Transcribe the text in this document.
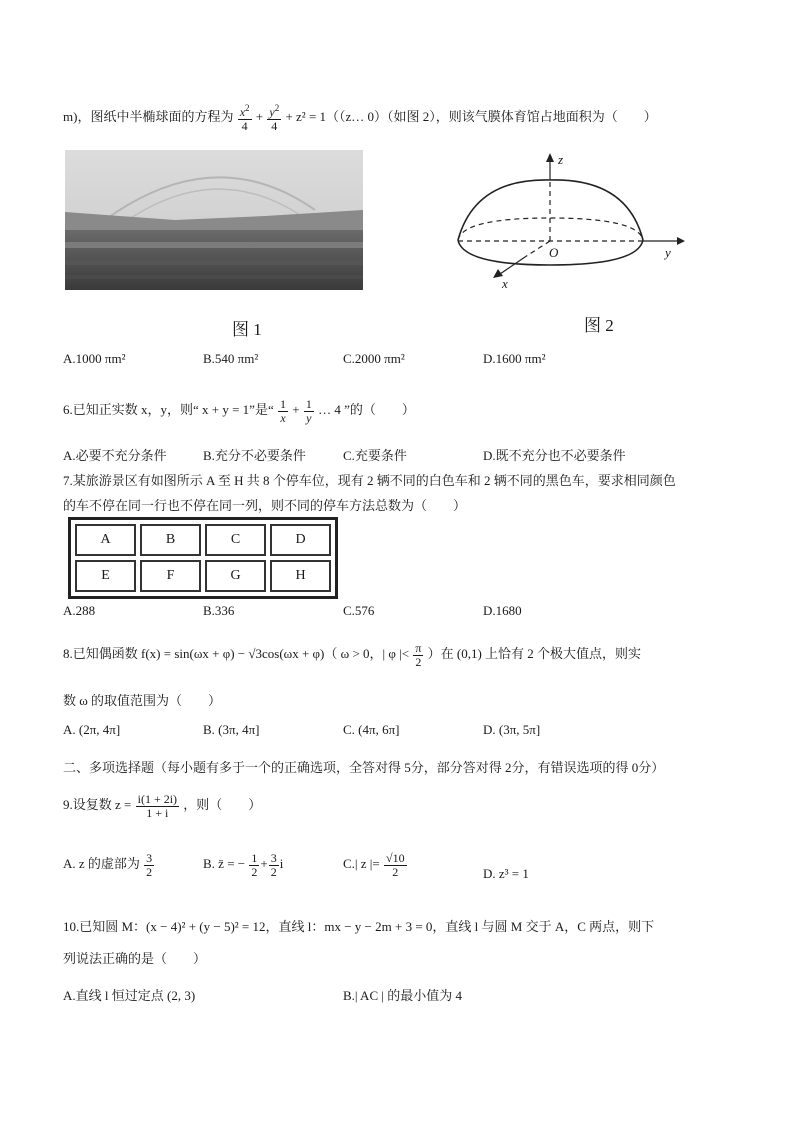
m)，图纸中半椭球面的方程为 $\frac{x^2}{4} + \frac{y^2}{4} + z^2$ = 1（（z… 0）（如图 2），则该气膜体育馆占地面积为（　　）
图 1
z
y
x
O
图 2
A.1000 πm²	B.540 πm²	C.2000 πm²	D.1600 πm²
6.已知正实数 x，y，则“ x + y = 1”是“ $\frac{1}{x} + \frac{1}{y}$ … 4 ”的（　　）
A.必要不充分条件	B.充分不必要条件	C.充要条件	D.既不充分也不必要条件
7.某旅游景区有如图所示 A 至 H 共 8 个停车位，现有 2 辆不同的白色车和 2 辆不同的黑色车，要求相同颜色
的车不停在同一行也不停在同一列，则不同的停车方法总数为（　　）
A	B	C	D
E	F	G	H
A.288	B.336	C.576	D.1680
8.已知偶函数 f(x) = sin(ωx + φ) − √3cos(ωx + φ)（ ω > 0，| φ |< $\frac{\pi}{2}$ ）在 (0,1) 上恰有 2 个极大值点，则实
数 ω 的取值范围为（　　）
A. (2π, 4π]	B. (3π, 4π]	C. (4π, 6π]	D. (3π, 5π]
二、多项选择题（每小题有多于一个的正确选项，全答对得 5分，部分答对得 2分，有错误选项的得 0分）
9.设复数 $z = \frac{i(1 + 2i)}{1 + i}$ ，则（　　）
A. z 的虚部为 $\frac{3}{2}$	B. z̄ = − $\frac{1}{2} + \frac{3}{2}$ i	C.| z |= $\frac{√10}{2}$	D. z³ = 1
10.已知圆 M：(x − 4)² + (y − 5)² = 12，直线 l：mx − y − 2m + 3 = 0，直线 l 与圆 M 交于 A，C 两点，则下
列说法正确的是（　　）
A.直线 l 恒过定点 (2, 3)	B.| AC | 的最小值为 4
